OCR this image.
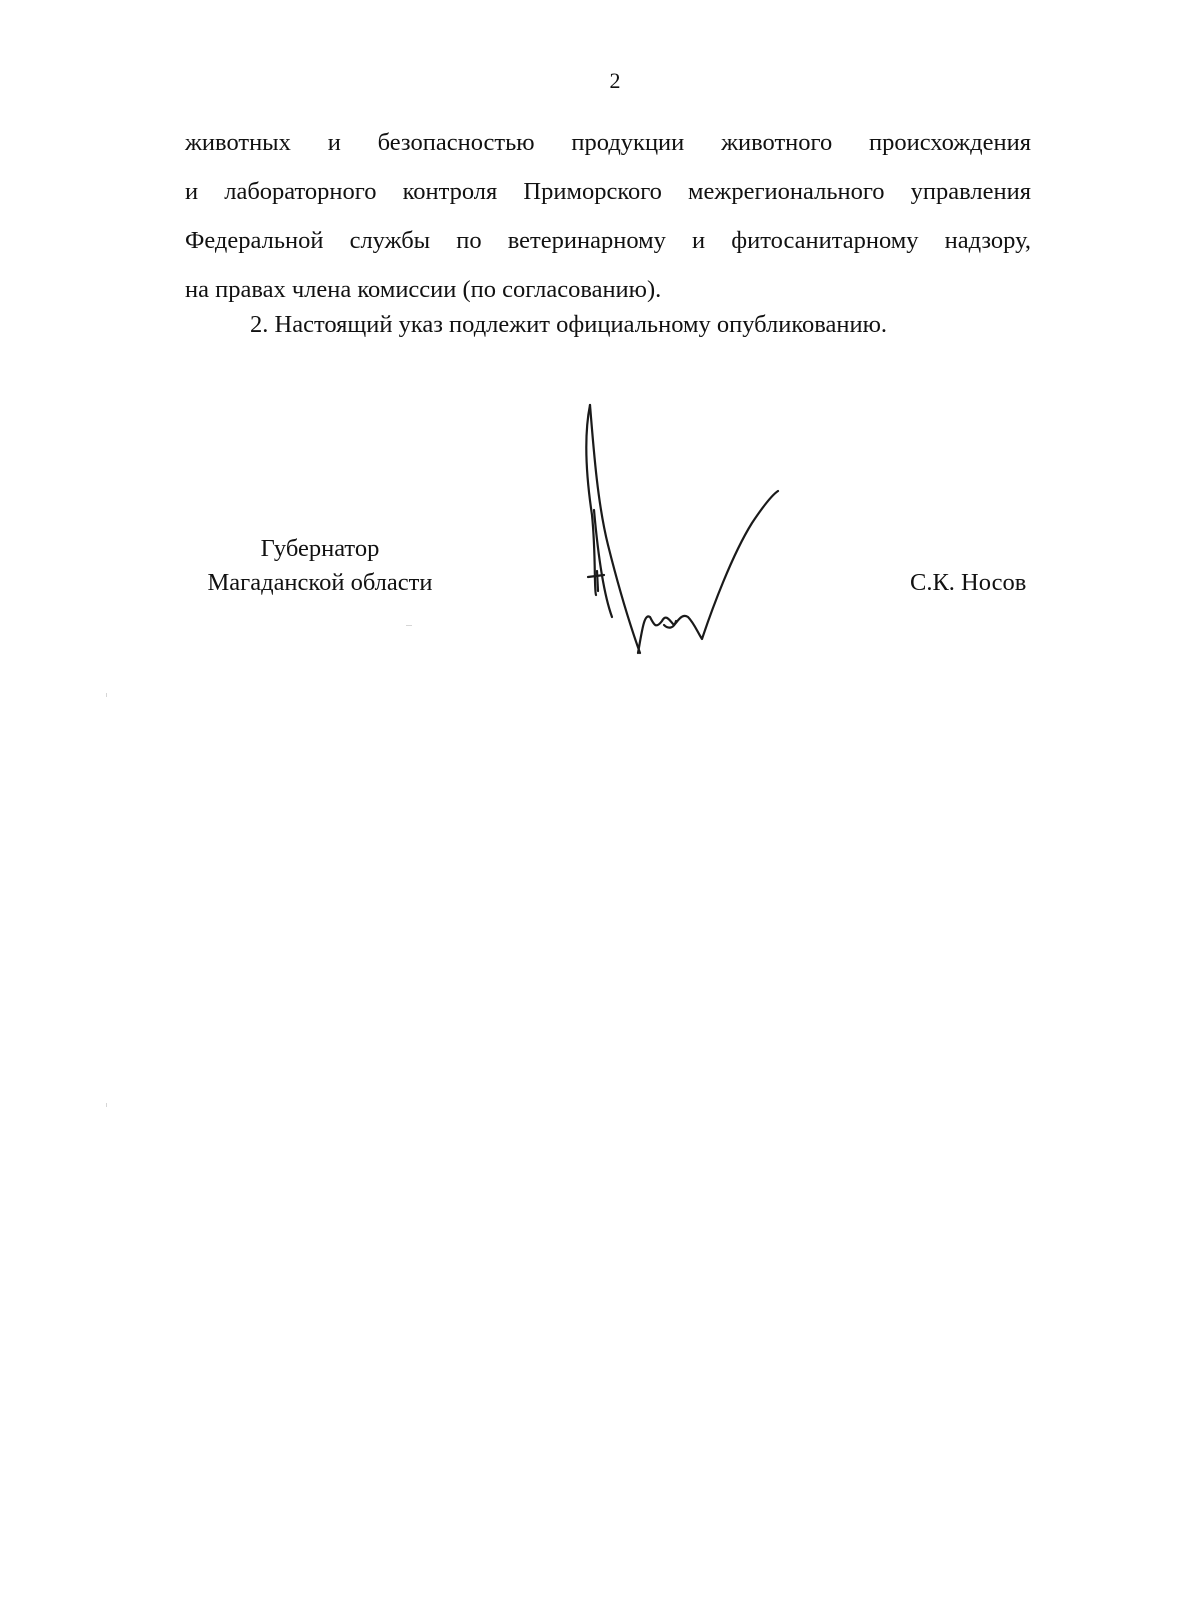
2
животных и безопасностью продукции животного происхождения
и лабораторного контроля Приморского межрегионального управления
Федеральной службы по ветеринарному и фитосанитарному надзору,
на правах члена комиссии (по согласованию).
2. Настоящий указ подлежит официальному опубликованию.
Губернатор
Магаданской области	С.К. Носов
